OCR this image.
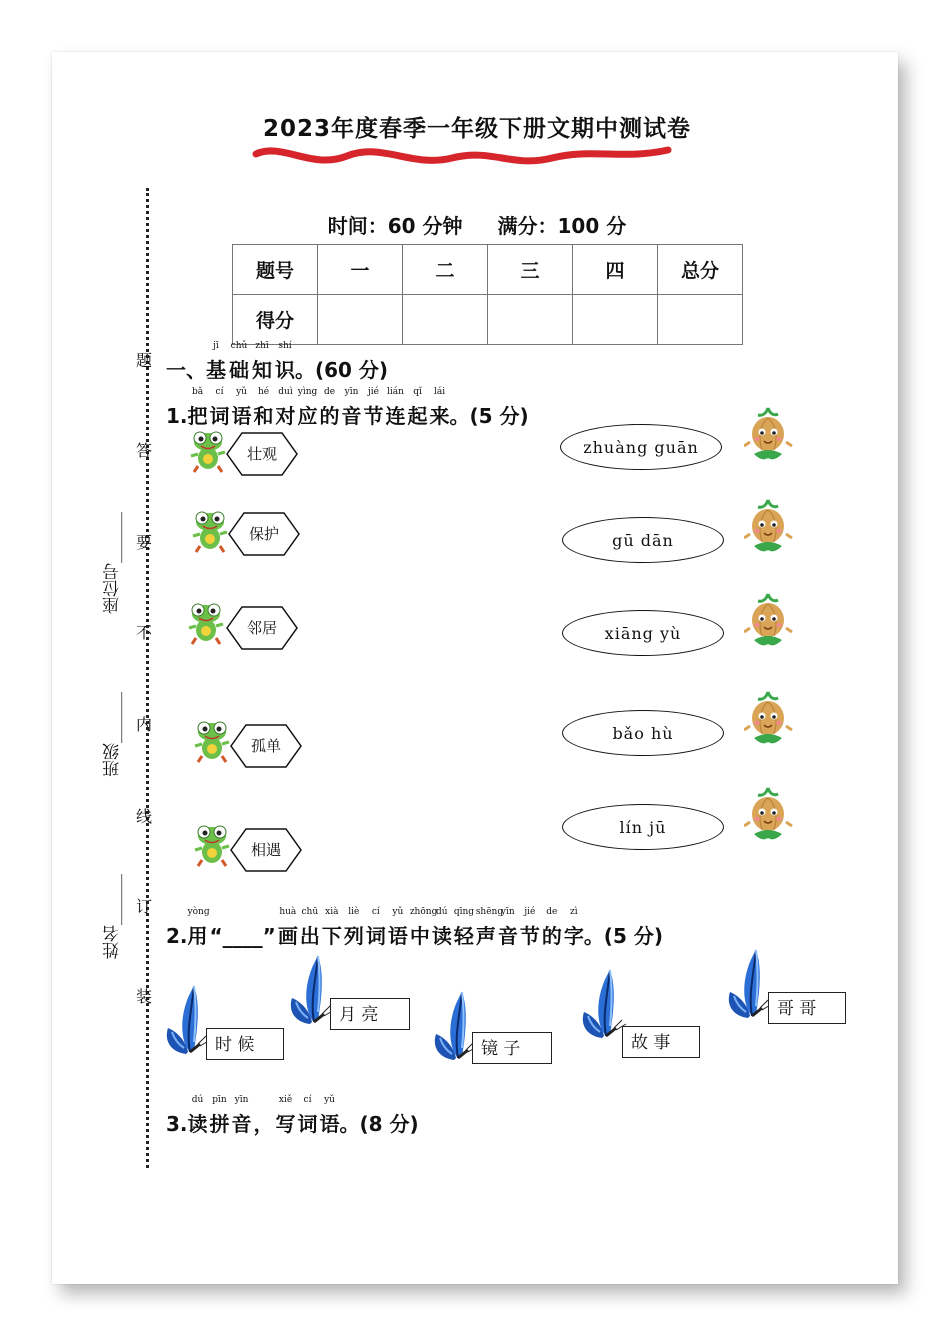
2023年度春季一年级下册文期中测试卷
时间：60 分钟 满分：100 分
题号	一	二	三	四	总分
得分					
座位号______
班级______
姓名______
题
答
要
不
内
线
订
装
一
、
jī
基
chǔ
础
zhī
知
shí
识。(60 分)
1.
bǎ
把
cí
词
yǔ
语
hé
和
duì
对
yìng
应
de
的
yīn
音
jié
节
lián
连
qǐ
起
lái
来。(5 分)
壮观
保护
邻居
孤单
相遇
zhuàng guān
gū dān
xiāng yù
bǎo hù
lín jū
2.
yòng
用 “____”
huà
画
chū
出
xià
下
liè
列
cí
词
yǔ
语
zhōng
中
dú
读
qīng
轻
shēng
声
yīn
音
jié
节
de
的
zì
字。(5 分)
时 候
月 亮
镜 子	故 事
哥 哥
3.
dú
读
pīn
拼
yīn
音 ，
xiě
写
cí
词
yǔ
语。(8 分)
